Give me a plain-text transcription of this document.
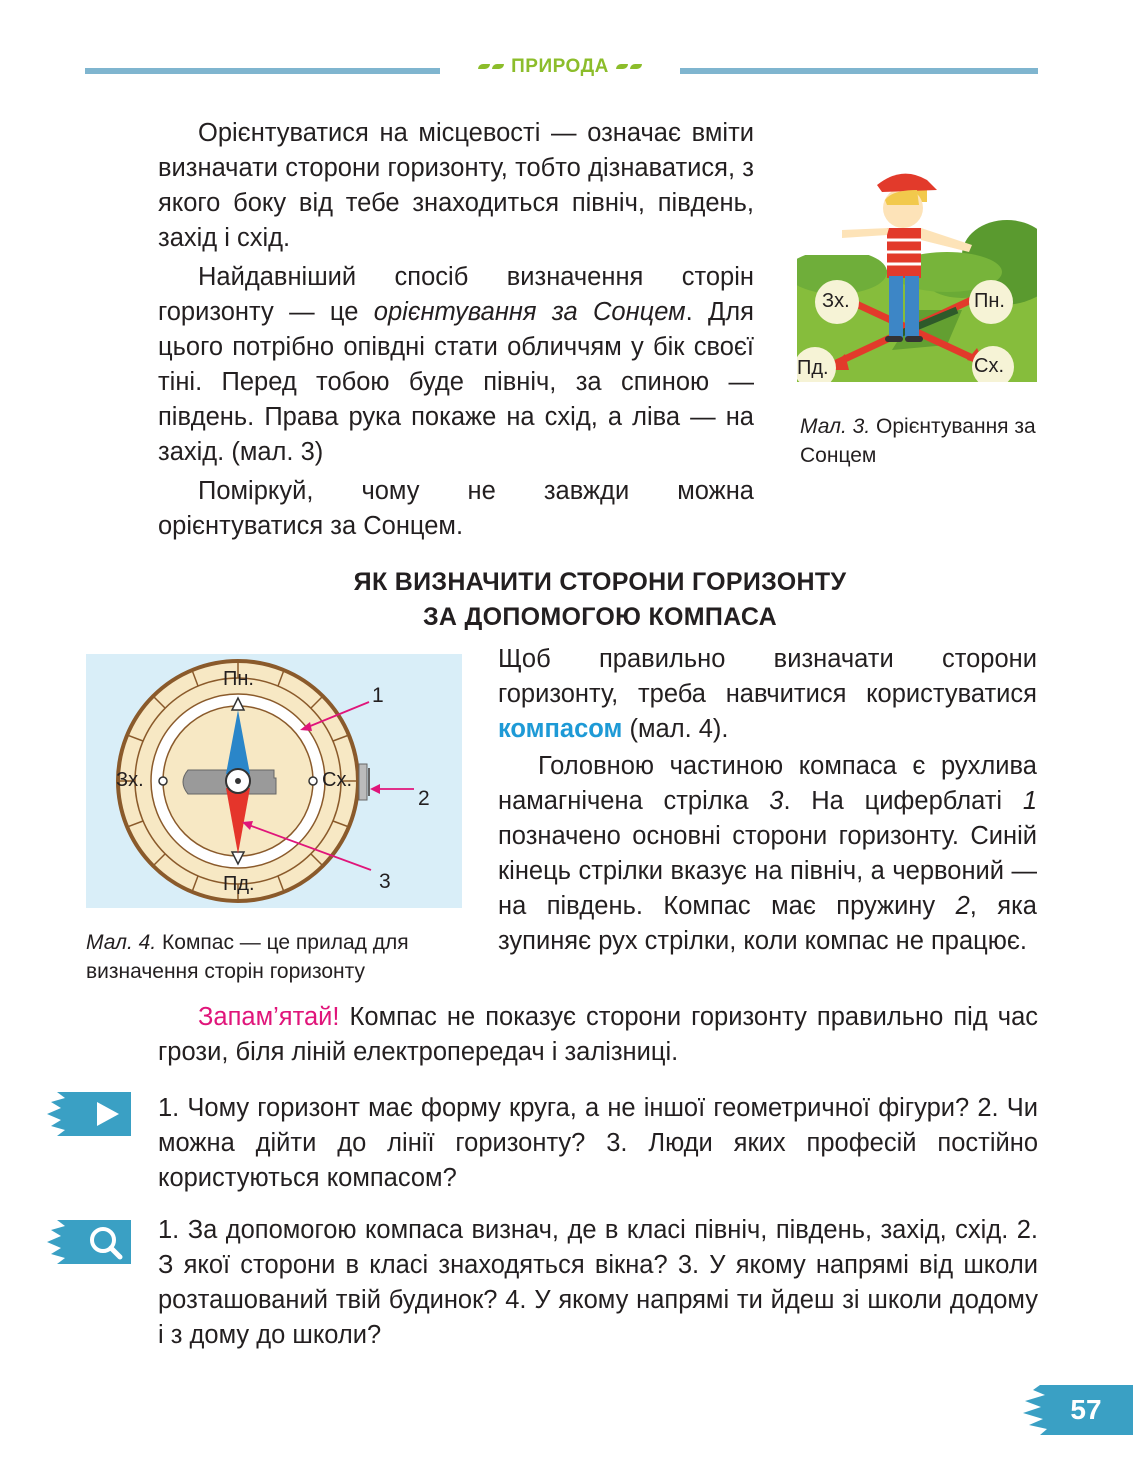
ПРИРОДА

Орієнтуватися на місцевості — означає вміти визначати сторони горизонту, тобто дізнаватися, з якого боку від тебе знаходиться північ, південь, захід і схід.

Найдавніший спосіб визначення сторін горизонту — це орієнтування за Сонцем. Для цього потрібно опівдні стати обличчям у бік своєї тіні. Перед тобою буде північ, за спиною — південь. Права рука покаже на схід, а ліва — на захід. (мал. 3)

Поміркуй, чому не завжди можна орієнтуватися за Сонцем.

Зх.	Пн.
Пд.	Сх.
Мал. 3. Орієнтування за Сонцем
ЯК ВИЗНАЧИТИ СТОРОНИ ГОРИЗОНТУ
ЗА ДОПОМОГОЮ КОМПАСА
Пн.
Пд.
Зх.	Сх.
1
2
3
Мал. 4. Компас — це прилад для визначення сторін горизонту

Щоб правильно визначати сторони горизонту, треба навчитися користуватися компасом (мал. 4).

Головною частиною компаса є рухлива намагнічена стрілка 3. На циферблаті 1 позначено основні сторони горизонту. Синій кінець стрілки вказує на північ, а червоний — на південь. Компас має пружину 2, яка зупиняє рух стрілки, коли компас не працює.

Запам’ятай! Компас не показує сторони горизонту правильно під час грози, біля ліній електропередач і залізниці.

1. Чому горизонт має форму круга, а не іншої геометричної фігури? 2. Чи можна дійти до лінії горизонту? 3. Люди яких професій постійно користуються компасом?
1. За допомогою компаса визнач, де в класі північ, південь, захід, схід. 2. З якої сторони в класі знаходяться вікна? 3. У якому напрямі від школи розташований твій будинок? 4. У якому напрямі ти йдеш зі школи додому і з дому до школи?
57
